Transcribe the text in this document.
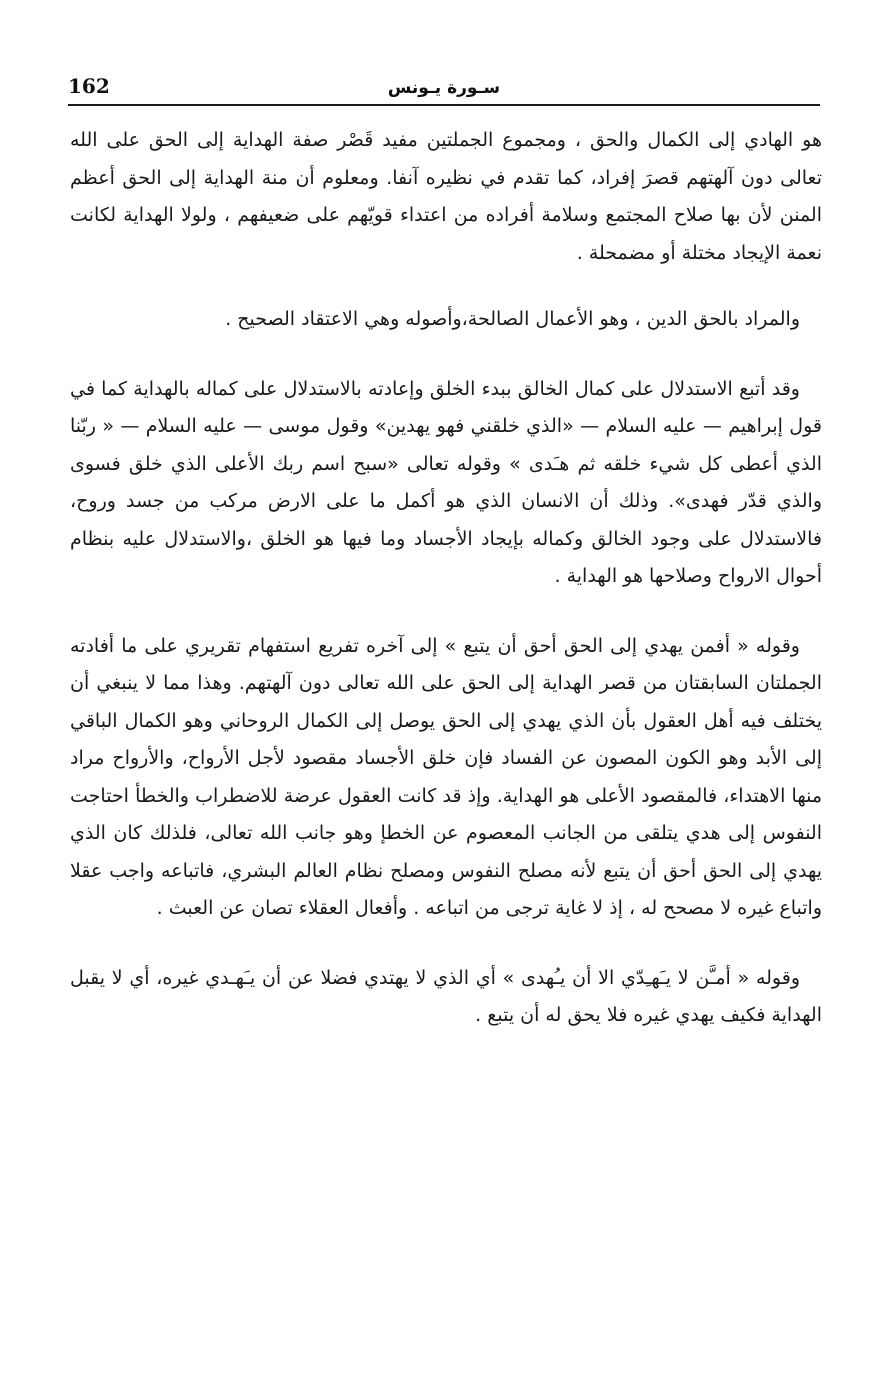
162	سـورة يـونس

هو الهادي إلى الكمال والحق ، ومجموع الجملتين مفيد قَصْر صفة الهداية إلى الحق على الله تعالى دون آلهتهم قصرَ إفراد، كما تقدم في نظيره آنفا. ومعلوم أن منة الهداية إلى الحق أعظم المنن لأن بها صلاح المجتمع وسلامة أفراده من اعتداء قويّهم على ضعيفهم ، ولولا الهداية لكانت نعمة الإيجاد مختلة أو مضمحلة .

والمراد بالحق الدين ، وهو الأعمال الصالحة،وأصوله وهي الاعتقاد الصحيح .

وقد أتبع الاستدلال على كمال الخالق ببدء الخلق وإعادته بالاستدلال على كماله بالهداية كما في قول إبراهيم — عليه السلام — «الذي خلقني فهو يهدين» وقول موسى — عليه السلام — « ربّنا الذي أعطى كل شيء خلقه ثم هـَدى » وقوله تعالى «سبح اسم ربك الأعلى الذي خلق فسوى والذي قدّر فهدى». وذلك أن الانسان الذي هو أكمل ما على الارض مركب من جسد وروح، فالاستدلال على وجود الخالق وكماله بإيجاد الأجساد وما فيها هو الخلق ،والاستدلال عليه بنظام أحوال الارواح وصلاحها هو الهداية .

وقوله « أفمن يهدي إلى الحق أحق أن يتبع » إلى آخره تفريع استفهام تقريري على ما أفادته الجملتان السابقتان من قصر الهداية إلى الحق على الله تعالى دون آلهتهم. وهذا مما لا ينبغي أن يختلف فيه أهل العقول بأن الذي يهدي إلى الحق يوصل إلى الكمال الروحاني وهو الكمال الباقي إلى الأبد وهو الكون المصون عن الفساد فإن خلق الأجساد مقصود لأجل الأرواح، والأرواح مراد منها الاهتداء، فالمقصود الأعلى هو الهداية. وإذ قد كانت العقول عرضة للاضطراب والخطأ احتاجت النفوس إلى هدي يتلقى من الجانب المعصوم عن الخطإ وهو جانب الله تعالى، فلذلك كان الذي يهدي إلى الحق أحق أن يتبع لأنه مصلح النفوس ومصلح نظام العالم البشري، فاتباعه واجب عقلا واتباع غيره لا مصحح له ، إذ لا غاية ترجى من اتباعه . وأفعال العقلاء تصان عن العبث .

وقوله « أمـَّن لا يـَهـِدّي الا أن يـُهدى » أي الذي لا يهتدي فضلا عن أن يـَهـدي غيره، أي لا يقبل الهداية فكيف يهدي غيره فلا يحق له أن يتبع .
